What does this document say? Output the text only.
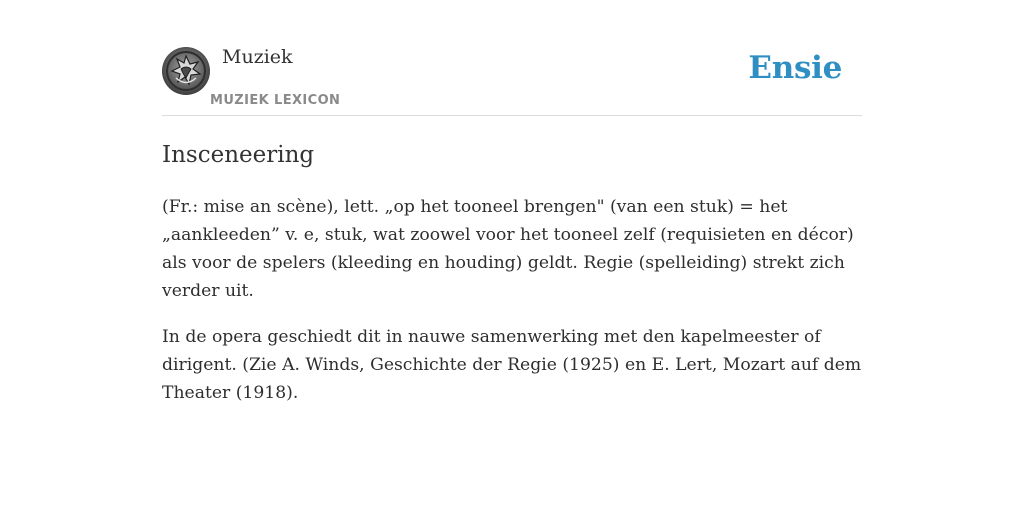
Muziek
MUZIEK LEXICON
Ensie
Insceneering

(Fr.: mise an scène), lett. „op het tooneel brengen" (van een stuk) = het „aankleeden” v. e, stuk, wat zoowel voor het tooneel zelf (requisieten en décor) als voor de spelers (kleeding en houding) geldt. Regie (spelleiding) strekt zich verder uit.

In de opera geschiedt dit in nauwe samenwerking met den kapelmeester of dirigent. (Zie A. Winds, Geschichte der Regie (1925) en E. Lert, Mozart auf dem Theater (1918).
